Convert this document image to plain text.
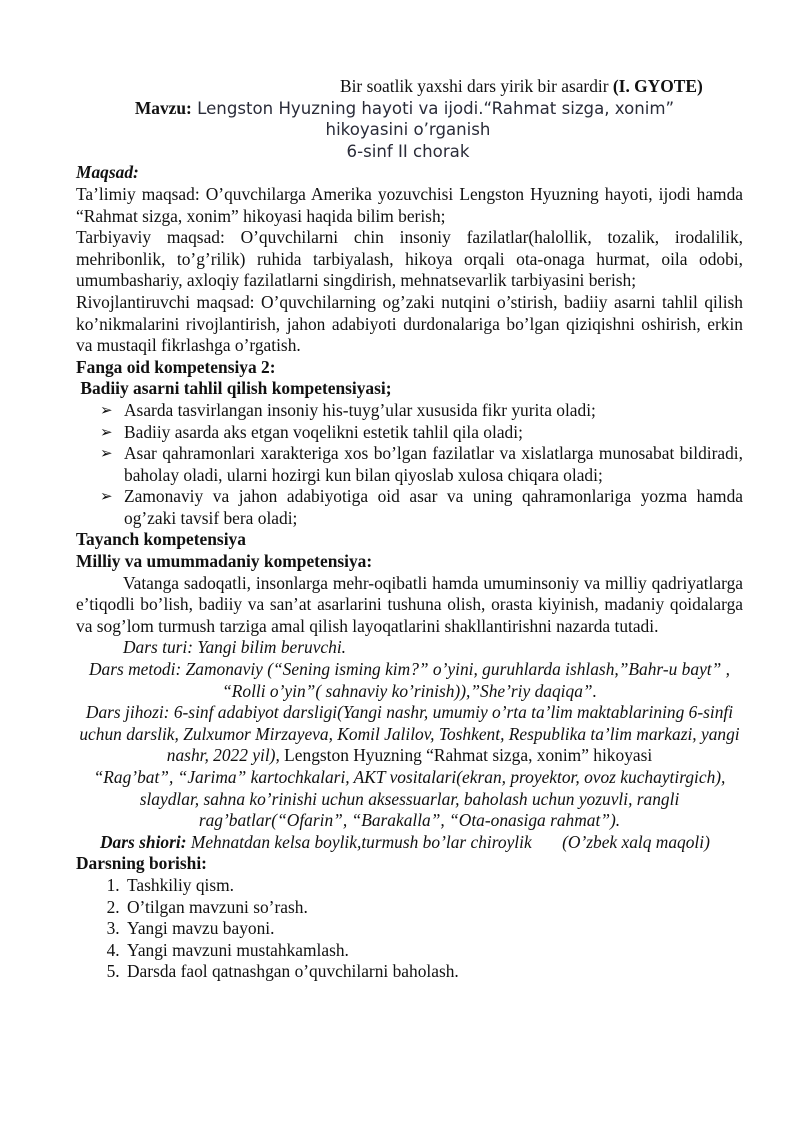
Bir soatlik yaxshi dars yirik bir asardir (I. GYOTE)
Mavzu: Lengston Hyuzning hayoti va ijodi.“Rahmat sizga, xonim”
hikoyasini o’rganish
6-sinf II chorak
Maqsad:
Ta’limiy maqsad: O’quvchilarga Amerika yozuvchisi Lengston Hyuzning hayoti, ijodi hamda “Rahmat sizga, xonim” hikoyasi haqida bilim berish;
Tarbiyaviy maqsad: O’quvchilarni chin insoniy fazilatlar(halollik, tozalik, irodalilik, mehribonlik, to’g’rilik) ruhida tarbiyalash, hikoya orqali ota-onaga hurmat, oila odobi, umumbashariy, axloqiy fazilatlarni singdirish, mehnatsevarlik tarbiyasini berish;
Rivojlantiruvchi maqsad: O’quvchilarning og’zaki nutqini o’stirish, badiiy asarni tahlil qilish ko’nikmalarini rivojlantirish, jahon adabiyoti durdonalariga bo’lgan qiziqishni oshirish, erkin va mustaqil fikrlashga o’rgatish.
Fanga oid kompetensiya 2:
Badiiy asarni tahlil qilish kompetensiyasi;
➢ Asarda tasvirlangan insoniy his-tuyg’ular xususida fikr yurita oladi;
➢ Badiiy asarda aks etgan voqelikni estetik tahlil qila oladi;
➢ Asar qahramonlari xarakteriga xos bo’lgan fazilatlar va xislatlarga munosabat bildiradi, baholay oladi, ularni hozirgi kun bilan qiyoslab xulosa chiqara oladi;
➢ Zamonaviy va jahon adabiyotiga oid asar va uning qahramonlariga yozma hamda og’zaki tavsif bera oladi;
Tayanch kompetensiya
Milliy va umummadaniy kompetensiya:
Vatanga sadoqatli, insonlarga mehr-oqibatli hamda umuminsoniy va milliy qadriyatlarga e’tiqodli bo’lish, badiiy va san’at asarlarini tushuna olish, orasta kiyinish, madaniy qoidalarga va sog’lom turmush tarziga amal qilish layoqatlarini shakllantirishni nazarda tutadi.
Dars turi: Yangi bilim beruvchi.
Dars metodi: Zamonaviy (“Sening isming kim?” o’yini, guruhlarda ishlash,”Bahr-u bayt” , “Rolli o’yin”( sahnaviy ko’rinish)),”She’riy daqiqa”.
Dars jihozi: 6-sinf adabiyot darsligi(Yangi nashr, umumiy o’rta ta’lim maktablarining 6-sinfi uchun darslik, Zulxumor Mirzayeva, Komil Jalilov, Toshkent, Respublika ta’lim markazi, yangi nashr, 2022 yil), Lengston Hyuzning “Rahmat sizga, xonim” hikoyasi
“Rag’bat”, “Jarima” kartochkalari, AKT vositalari(ekran, proyektor, ovoz kuchaytirgich), slaydlar, sahna ko’rinishi uchun aksessuarlar, baholash uchun yozuvli, rangli rag’batlar(“Ofarin”, “Barakalla”, “Ota-onasiga rahmat”).
Dars shiori: Mehnatdan kelsa boylik,turmush bo’lar chiroylik       (O’zbek xalq maqoli)
Darsning borishi:
1. Tashkiliy qism.
2. O’tilgan mavzuni so’rash.
3. Yangi mavzu bayoni.
4. Yangi mavzuni mustahkamlash.
5. Darsda faol qatnashgan o’quvchilarni baholash.
